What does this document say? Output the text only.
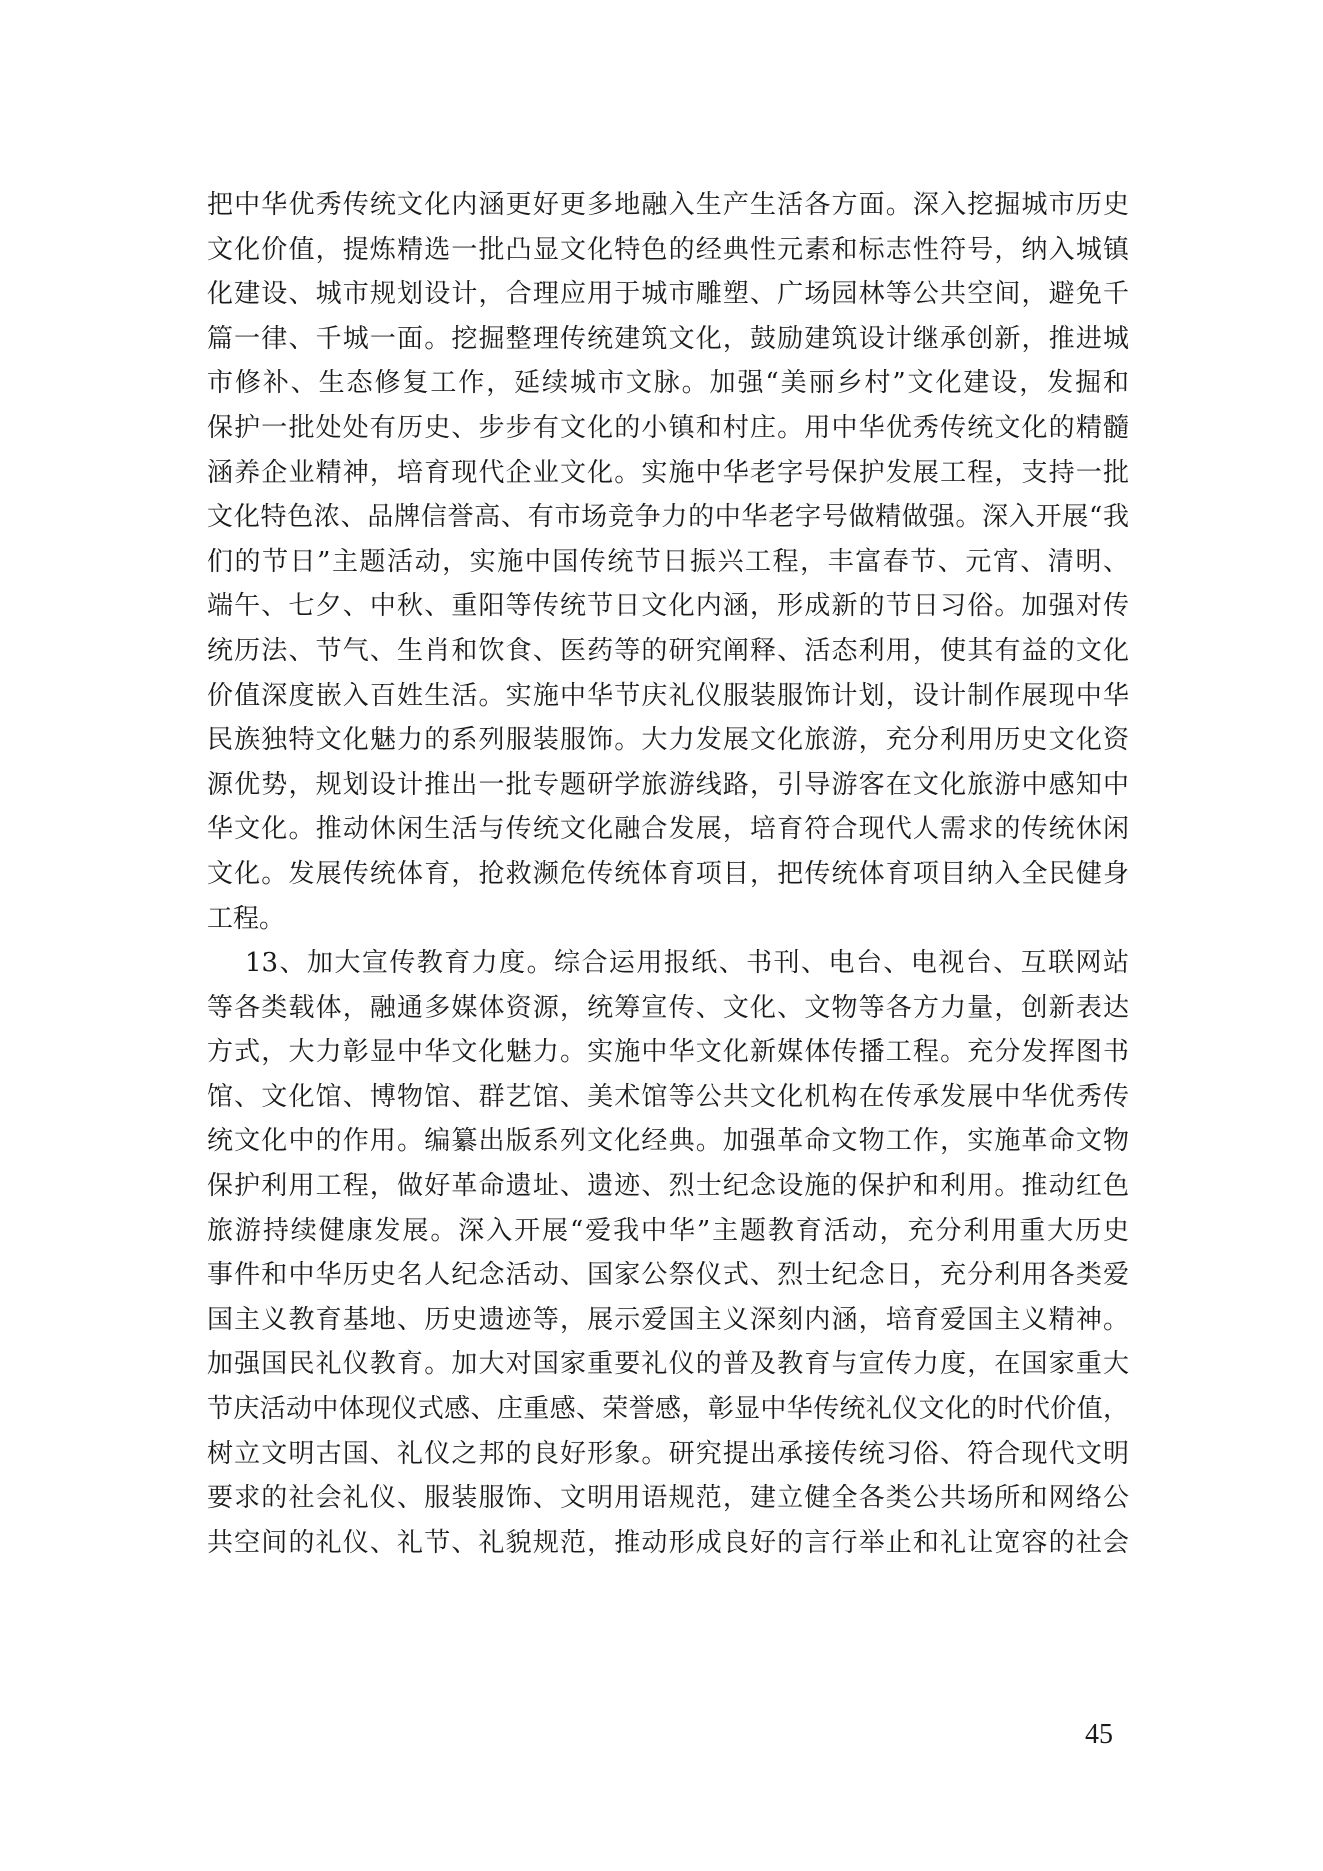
把中华优秀传统文化内涵更好更多地融入生产生活各方面。深入挖掘城市历史
文化价值，提炼精选一批凸显文化特色的经典性元素和标志性符号，纳入城镇
化建设、城市规划设计，合理应用于城市雕塑、广场园林等公共空间，避免千
篇一律、千城一面。挖掘整理传统建筑文化，鼓励建筑设计继承创新，推进城
市修补、生态修复工作，延续城市文脉。加强“美丽乡村”文化建设，发掘和
保护一批处处有历史、步步有文化的小镇和村庄。用中华优秀传统文化的精髓
涵养企业精神，培育现代企业文化。实施中华老字号保护发展工程，支持一批
文化特色浓、品牌信誉高、有市场竞争力的中华老字号做精做强。深入开展“我
们的节日”主题活动，实施中国传统节日振兴工程，丰富春节、元宵、清明、
端午、七夕、中秋、重阳等传统节日文化内涵，形成新的节日习俗。加强对传
统历法、节气、生肖和饮食、医药等的研究阐释、活态利用，使其有益的文化
价值深度嵌入百姓生活。实施中华节庆礼仪服装服饰计划，设计制作展现中华
民族独特文化魅力的系列服装服饰。大力发展文化旅游，充分利用历史文化资
源优势，规划设计推出一批专题研学旅游线路，引导游客在文化旅游中感知中
华文化。推动休闲生活与传统文化融合发展，培育符合现代人需求的传统休闲
文化。发展传统体育，抢救濒危传统体育项目，把传统体育项目纳入全民健身
工程。
13、加大宣传教育力度。综合运用报纸、书刊、电台、电视台、互联网站
等各类载体，融通多媒体资源，统筹宣传、文化、文物等各方力量，创新表达
方式，大力彰显中华文化魅力。实施中华文化新媒体传播工程。充分发挥图书
馆、文化馆、博物馆、群艺馆、美术馆等公共文化机构在传承发展中华优秀传
统文化中的作用。编纂出版系列文化经典。加强革命文物工作，实施革命文物
保护利用工程，做好革命遗址、遗迹、烈士纪念设施的保护和利用。推动红色
旅游持续健康发展。深入开展“爱我中华”主题教育活动，充分利用重大历史
事件和中华历史名人纪念活动、国家公祭仪式、烈士纪念日，充分利用各类爱
国主义教育基地、历史遗迹等，展示爱国主义深刻内涵，培育爱国主义精神。
加强国民礼仪教育。加大对国家重要礼仪的普及教育与宣传力度，在国家重大
节庆活动中体现仪式感、庄重感、荣誉感，彰显中华传统礼仪文化的时代价值，
树立文明古国、礼仪之邦的良好形象。研究提出承接传统习俗、符合现代文明
要求的社会礼仪、服装服饰、文明用语规范，建立健全各类公共场所和网络公
共空间的礼仪、礼节、礼貌规范，推动形成良好的言行举止和礼让宽容的社会
45
